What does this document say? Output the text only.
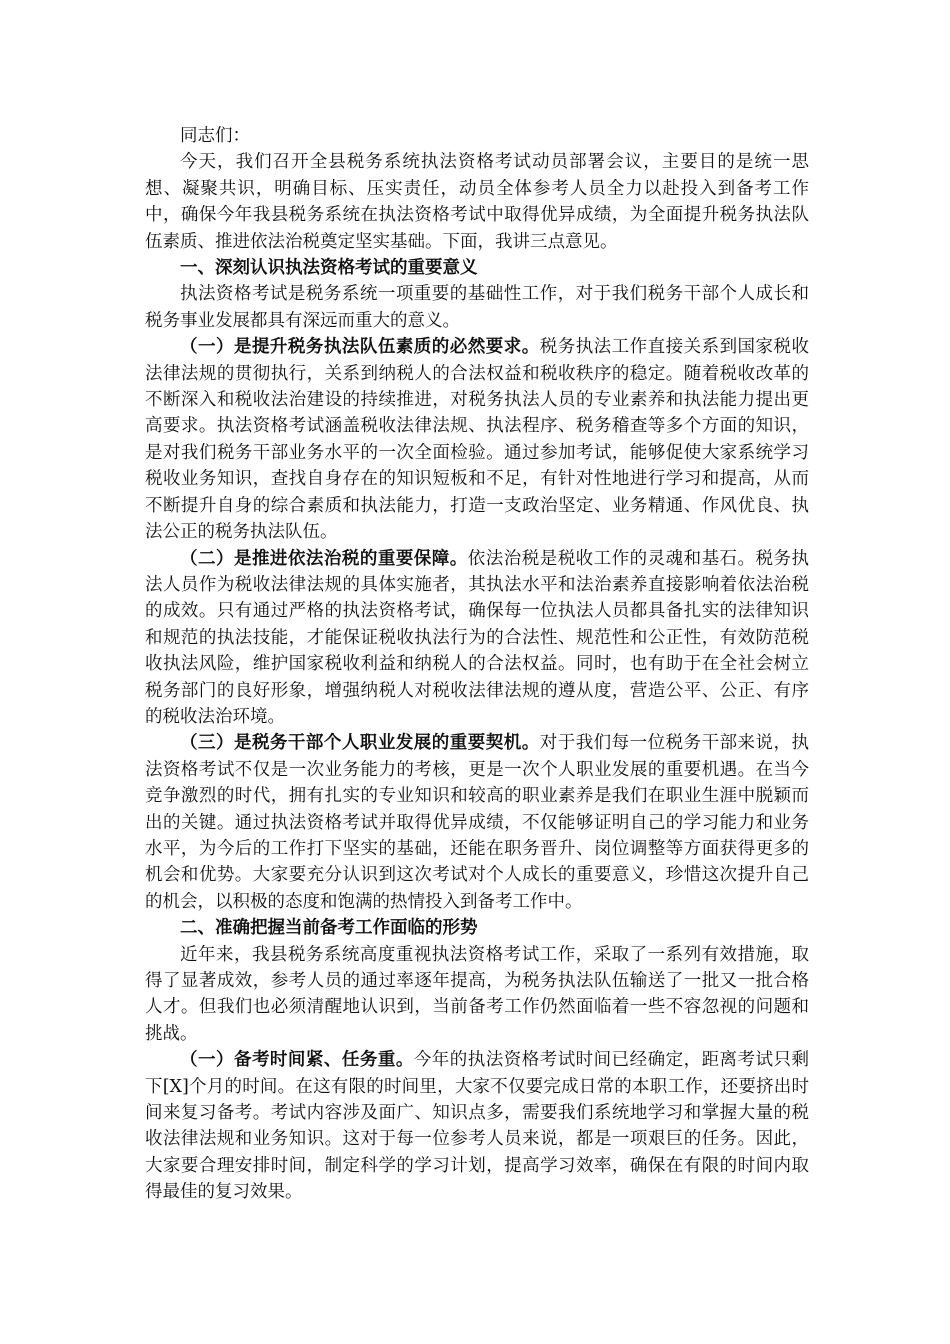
同志们：

今天，我们召开全县税务系统执法资格考试动员部署会议，主要目的是统一思想、凝聚共识，明确目标、压实责任，动员全体参考人员全力以赴投入到备考工作中，确保今年我县税务系统在执法资格考试中取得优异成绩，为全面提升税务执法队伍素质、推进依法治税奠定坚实基础。下面，我讲三点意见。

一、深刻认识执法资格考试的重要意义

执法资格考试是税务系统一项重要的基础性工作，对于我们税务干部个人成长和税务事业发展都具有深远而重大的意义。

（一）是提升税务执法队伍素质的必然要求。税务执法工作直接关系到国家税收法律法规的贯彻执行，关系到纳税人的合法权益和税收秩序的稳定。随着税收改革的不断深入和税收法治建设的持续推进，对税务执法人员的专业素养和执法能力提出更高要求。执法资格考试涵盖税收法律法规、执法程序、税务稽查等多个方面的知识，是对我们税务干部业务水平的一次全面检验。通过参加考试，能够促使大家系统学习税收业务知识，查找自身存在的知识短板和不足，有针对性地进行学习和提高，从而不断提升自身的综合素质和执法能力，打造一支政治坚定、业务精通、作风优良、执法公正的税务执法队伍。

（二）是推进依法治税的重要保障。依法治税是税收工作的灵魂和基石。税务执法人员作为税收法律法规的具体实施者，其执法水平和法治素养直接影响着依法治税的成效。只有通过严格的执法资格考试，确保每一位执法人员都具备扎实的法律知识和规范的执法技能，才能保证税收执法行为的合法性、规范性和公正性，有效防范税收执法风险，维护国家税收利益和纳税人的合法权益。同时，也有助于在全社会树立税务部门的良好形象，增强纳税人对税收法律法规的遵从度，营造公平、公正、有序的税收法治环境。

（三）是税务干部个人职业发展的重要契机。对于我们每一位税务干部来说，执法资格考试不仅是一次业务能力的考核，更是一次个人职业发展的重要机遇。在当今竞争激烈的时代，拥有扎实的专业知识和较高的职业素养是我们在职业生涯中脱颖而出的关键。通过执法资格考试并取得优异成绩，不仅能够证明自己的学习能力和业务水平，为今后的工作打下坚实的基础，还能在职务晋升、岗位调整等方面获得更多的机会和优势。大家要充分认识到这次考试对个人成长的重要意义，珍惜这次提升自己的机会，以积极的态度和饱满的热情投入到备考工作中。

二、准确把握当前备考工作面临的形势

近年来，我县税务系统高度重视执法资格考试工作，采取了一系列有效措施，取得了显著成效，参考人员的通过率逐年提高，为税务执法队伍输送了一批又一批合格人才。但我们也必须清醒地认识到，当前备考工作仍然面临着一些不容忽视的问题和挑战。

（一）备考时间紧、任务重。今年的执法资格考试时间已经确定，距离考试只剩下[X]个月的时间。在这有限的时间里，大家不仅要完成日常的本职工作，还要挤出时间来复习备考。考试内容涉及面广、知识点多，需要我们系统地学习和掌握大量的税收法律法规和业务知识。这对于每一位参考人员来说，都是一项艰巨的任务。因此，大家要合理安排时间，制定科学的学习计划，提高学习效率，确保在有限的时间内取得最佳的复习效果。
